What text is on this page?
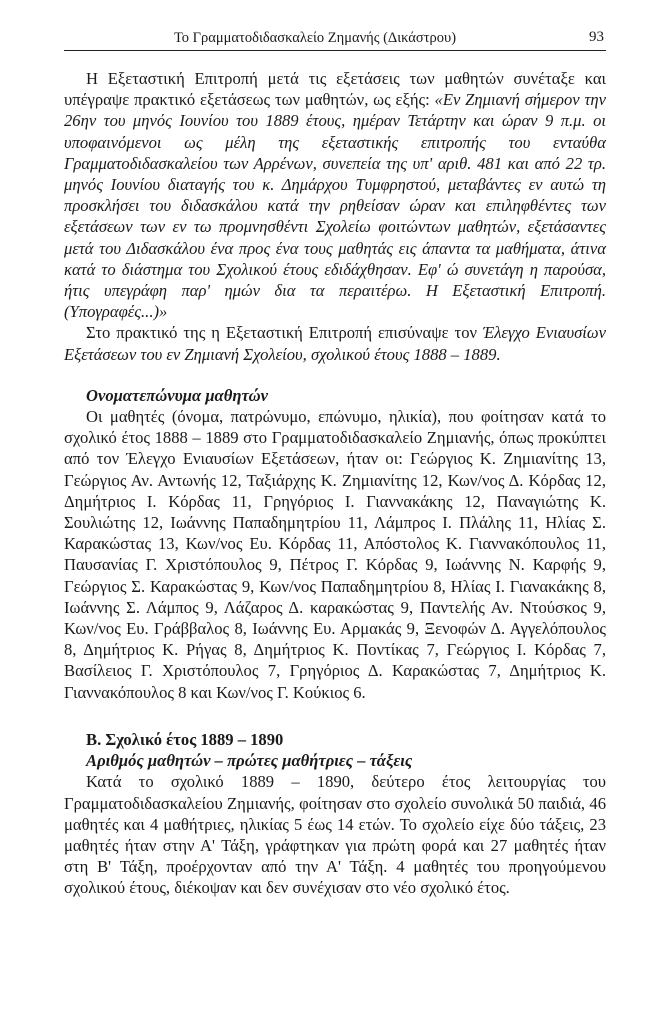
Το Γραμματοδιδασκαλείο Ζημανής (Δικάστρου)	93

Η Εξεταστική Επιτροπή μετά τις εξετάσεις των μαθητών συνέταξε και υπέγραψε πρακτικό εξετάσεως των μαθητών, ως εξής: «Εν Ζημιανή σήμερον την 26ην του μηνός Ιουνίου του 1889 έτους, ημέραν Τετάρτην και ώραν 9 π.μ. οι υποφαινόμενοι ως μέλη της εξεταστικής επιτροπής του ενταύθα Γραμματοδιδασκαλείου των Αρρένων, συνεπεία της υπ' αριθ. 481 και από 22 τρ. μηνός Ιουνίου διαταγής του κ. Δημάρχου Τυμφρηστού, μεταβάντες εν αυτώ τη προσκλήσει του διδασκάλου κατά την ρηθείσαν ώραν και επιληφθέντες των εξετάσεων των εν τω προμνησθέντι Σχολείω φοιτώντων μαθητών, εξετάσαντες μετά του Διδασκάλου ένα προς ένα τους μαθητάς εις άπαντα τα μαθήματα, άτινα κατά το διάστημα του Σχολικού έτους εδιδάχθησαν. Εφ' ώ συνετάγη η παρούσα, ήτις υπεγράφη παρ' ημών δια τα περαιτέρω. Η Εξεταστική Επιτροπή. (Υπογραφές...)»

Στο πρακτικό της η Εξεταστική Επιτροπή επισύναψε τον Έλεγχο Ενιαυσίων Εξετάσεων του εν Ζημιανή Σχολείου, σχολικού έτους 1888 – 1889.

Ονοματεπώνυμα μαθητών

Οι μαθητές (όνομα, πατρώνυμο, επώνυμο, ηλικία), που φοίτησαν κατά το σχολικό έτος 1888 – 1889 στο Γραμματοδιδασκαλείο Ζημιανής, όπως προκύπτει από τον Έλεγχο Ενιαυσίων Εξετάσεων, ήταν οι: Γεώργιος Κ. Ζημιανίτης 13, Γεώργιος Αν. Αντωνής 12, Ταξιάρχης Κ. Ζημιανίτης 12, Κων/νος Δ. Κόρδας 12, Δημήτριος Ι. Κόρδας 11, Γρηγόριος Ι. Γιαννακάκης 12, Παναγιώτης Κ. Σουλιώτης 12, Ιωάννης Παπαδημητρίου 11, Λάμπρος Ι. Πλάλης 11, Ηλίας Σ. Καρακώστας 13, Κων/νος Ευ. Κόρδας 11, Απόστολος Κ. Γιαννακόπουλος 11, Παυσανίας Γ. Χριστόπουλος 9, Πέτρος Γ. Κόρδας 9, Ιωάννης Ν. Καρφής 9, Γεώργιος Σ. Καρακώστας 9, Κων/νος Παπαδημητρίου 8, Ηλίας Ι. Γιανακάκης 8, Ιωάννης Σ. Λάμπος 9, Λάζαρος Δ. καρακώστας 9, Παντελής Αν. Ντούσκος 9, Κων/νος Ευ. Γράββαλος 8, Ιωάννης Ευ. Αρμακάς 9, Ξενοφών Δ. Αγγελόπουλος 8, Δημήτριος Κ. Ρήγας 8, Δημήτριος Κ. Ποντίκας 7, Γεώργιος Ι. Κόρδας 7, Βασίλειος Γ. Χριστόπουλος 7, Γρηγόριος Δ. Καρακώστας 7, Δημήτριος Κ. Γιαννακόπουλος 8 και Κων/νος Γ. Κούκιος 6.

Β. Σχολικό έτος 1889 – 1890

Αριθμός μαθητών – πρώτες μαθήτριες – τάξεις

Κατά το σχολικό 1889 – 1890, δεύτερο έτος λειτουργίας του Γραμματοδιδασκαλείου Ζημιανής, φοίτησαν στο σχολείο συνολικά 50 παιδιά, 46 μαθητές και 4 μαθήτριες, ηλικίας 5 έως 14 ετών. Το σχολείο είχε δύο τάξεις, 23 μαθητές ήταν στην Α' Τάξη, γράφτηκαν για πρώτη φορά και 27 μαθητές ήταν στη Β' Τάξη, προέρχονταν από την Α' Τάξη. 4 μαθητές του προηγούμενου σχολικού έτους, διέκοψαν και δεν συνέχισαν στο νέο σχολικό έτος.
